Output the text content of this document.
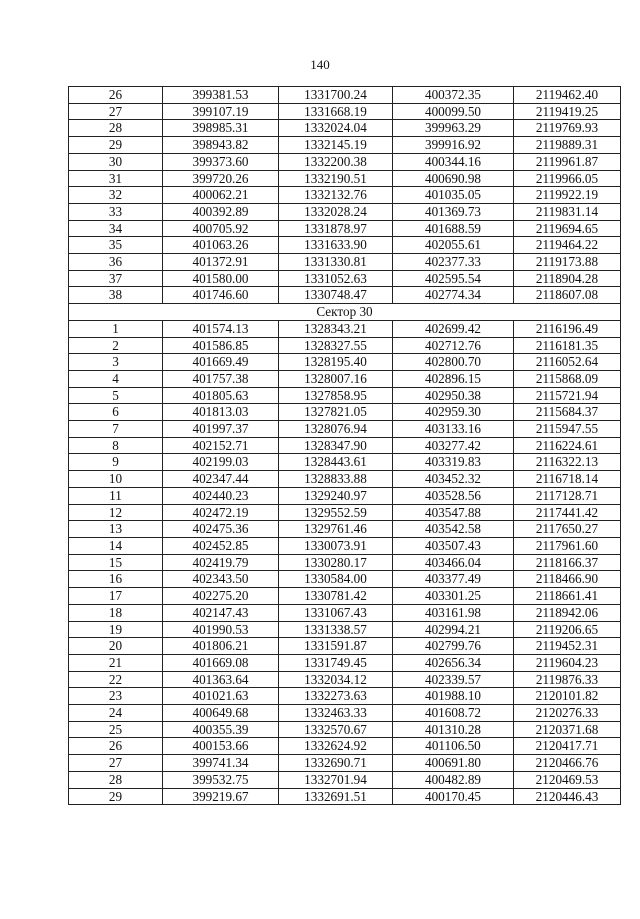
140
26	399381.53	1331700.24	400372.35	2119462.40
27	399107.19	1331668.19	400099.50	2119419.25
28	398985.31	1332024.04	399963.29	2119769.93
29	398943.82	1332145.19	399916.92	2119889.31
30	399373.60	1332200.38	400344.16	2119961.87
31	399720.26	1332190.51	400690.98	2119966.05
32	400062.21	1332132.76	401035.05	2119922.19
33	400392.89	1332028.24	401369.73	2119831.14
34	400705.92	1331878.97	401688.59	2119694.65
35	401063.26	1331633.90	402055.61	2119464.22
36	401372.91	1331330.81	402377.33	2119173.88
37	401580.00	1331052.63	402595.54	2118904.28
38	401746.60	1330748.47	402774.34	2118607.08
Сектор 30				
1	401574.13	1328343.21	402699.42	2116196.49
2	401586.85	1328327.55	402712.76	2116181.35
3	401669.49	1328195.40	402800.70	2116052.64
4	401757.38	1328007.16	402896.15	2115868.09
5	401805.63	1327858.95	402950.38	2115721.94
6	401813.03	1327821.05	402959.30	2115684.37
7	401997.37	1328076.94	403133.16	2115947.55
8	402152.71	1328347.90	403277.42	2116224.61
9	402199.03	1328443.61	403319.83	2116322.13
10	402347.44	1328833.88	403452.32	2116718.14
11	402440.23	1329240.97	403528.56	2117128.71
12	402472.19	1329552.59	403547.88	2117441.42
13	402475.36	1329761.46	403542.58	2117650.27
14	402452.85	1330073.91	403507.43	2117961.60
15	402419.79	1330280.17	403466.04	2118166.37
16	402343.50	1330584.00	403377.49	2118466.90
17	402275.20	1330781.42	403301.25	2118661.41
18	402147.43	1331067.43	403161.98	2118942.06
19	401990.53	1331338.57	402994.21	2119206.65
20	401806.21	1331591.87	402799.76	2119452.31
21	401669.08	1331749.45	402656.34	2119604.23
22	401363.64	1332034.12	402339.57	2119876.33
23	401021.63	1332273.63	401988.10	2120101.82
24	400649.68	1332463.33	401608.72	2120276.33
25	400355.39	1332570.67	401310.28	2120371.68
26	400153.66	1332624.92	401106.50	2120417.71
27	399741.34	1332690.71	400691.80	2120466.76
28	399532.75	1332701.94	400482.89	2120469.53
29	399219.67	1332691.51	400170.45	2120446.43
